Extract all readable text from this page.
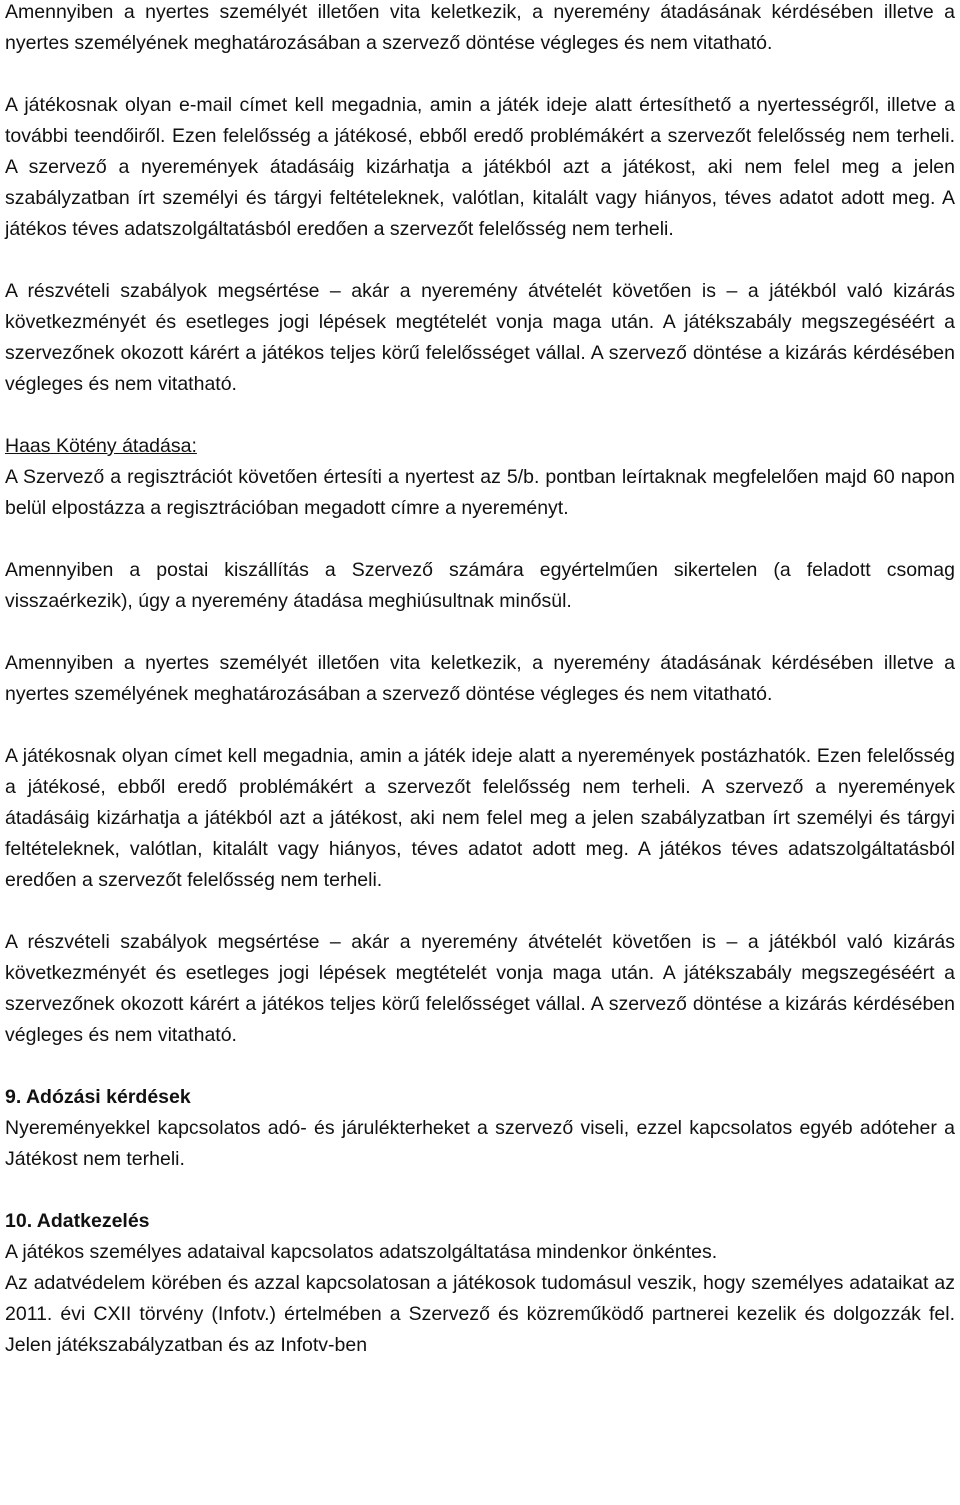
Amennyiben a nyertes személyét illetően vita keletkezik, a nyeremény átadásának kérdésében illetve a nyertes személyének meghatározásában a szervező döntése végleges és nem vitatható.

A játékosnak olyan e-mail címet kell megadnia, amin a játék ideje alatt értesíthető a nyertességről, illetve a további teendőiről. Ezen felelősség a játékosé, ebből eredő problémákért a szervezőt felelősség nem terheli. A szervező a nyeremények átadásáig kizárhatja a játékból azt a játékost, aki nem felel meg a jelen szabályzatban írt személyi és tárgyi feltételeknek, valótlan, kitalált vagy hiányos, téves adatot adott meg. A játékos téves adatszolgáltatásból eredően a szervezőt felelősség nem terheli.

A részvételi szabályok megsértése – akár a nyeremény átvételét követően is – a játékból való kizárás következményét és esetleges jogi lépések megtételét vonja maga után. A játékszabály megszegéséért a szervezőnek okozott kárért a játékos teljes körű felelősséget vállal. A szervező döntése a kizárás kérdésében végleges és nem vitatható.

Haas Kötény átadása:

A Szervező a regisztrációt követően értesíti a nyertest az 5/b. pontban leírtaknak megfelelően majd 60 napon belül elpostázza a regisztrációban megadott címre a nyereményt.

Amennyiben a postai kiszállítás a Szervező számára egyértelműen sikertelen (a feladott csomag visszaérkezik), úgy a nyeremény átadása meghiúsultnak minősül.

Amennyiben a nyertes személyét illetően vita keletkezik, a nyeremény átadásának kérdésében illetve a nyertes személyének meghatározásában a szervező döntése végleges és nem vitatható.

A játékosnak olyan címet kell megadnia, amin a játék ideje alatt a nyeremények postázhatók. Ezen felelősség a játékosé, ebből eredő problémákért a szervezőt felelősség nem terheli. A szervező a nyeremények átadásáig kizárhatja a játékból azt a játékost, aki nem felel meg a jelen szabályzatban írt személyi és tárgyi feltételeknek, valótlan, kitalált vagy hiányos, téves adatot adott meg. A játékos téves adatszolgáltatásból eredően a szervezőt felelősség nem terheli.

A részvételi szabályok megsértése – akár a nyeremény átvételét követően is – a játékból való kizárás következményét és esetleges jogi lépések megtételét vonja maga után. A játékszabály megszegéséért a szervezőnek okozott kárért a játékos teljes körű felelősséget vállal. A szervező döntése a kizárás kérdésében végleges és nem vitatható.

9. Adózási kérdések

Nyereményekkel kapcsolatos adó- és járulékterheket a szervező viseli, ezzel kapcsolatos egyéb adóteher a Játékost nem terheli.

10. Adatkezelés

A játékos személyes adataival kapcsolatos adatszolgáltatása mindenkor önkéntes.

Az adatvédelem körében és azzal kapcsolatosan a játékosok tudomásul veszik, hogy személyes adataikat az 2011. évi CXII törvény (Infotv.) értelmében a Szervező és közreműködő partnerei kezelik és dolgozzák fel. Jelen játékszabályzatban és az Infotv-ben
